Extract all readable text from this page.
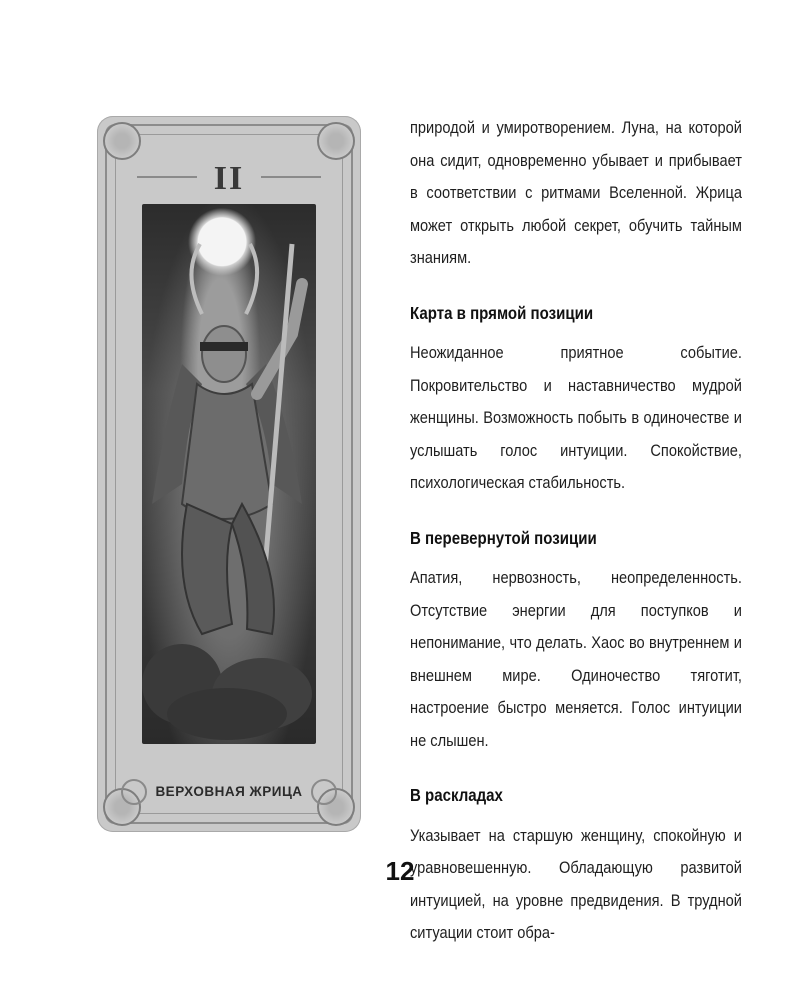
II
ВЕРХОВНАЯ ЖРИЦА

природой и умиротворением. Луна, на которой она сидит, одновременно убывает и прибывает в соответствии с ритмами Вселенной. Жрица может открыть любой секрет, обучить тайным знаниям.

Карта в прямой позиции

Неожиданное приятное событие. Покровительство и наставничество мудрой женщины. Возможность побыть в одиночестве и услышать голос интуиции. Спокойствие, психологическая стабильность.

В перевернутой позиции

Апатия, нервозность, неопределенность. Отсутствие энергии для поступков и непонимание, что делать. Хаос во внутреннем и внешнем мире. Одиночество тяготит, настроение быстро меняется. Голос интуиции не слышен.

В раскладах

Указывает на старшую женщину, спокойную и уравновешенную. Обладающую развитой интуицией, на уровне предвидения. В трудной ситуации стоит обра-

12
